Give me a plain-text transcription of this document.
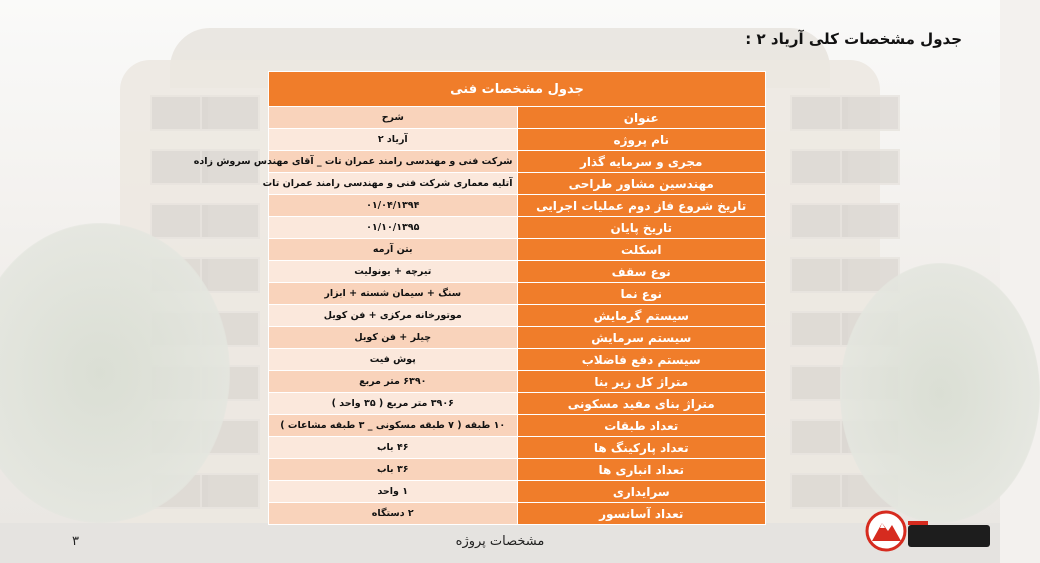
جدول مشخصات کلی آریاد ۲ :
جدول مشخصات فنی	
عنوان	شرح
نام پروژه	آریاد ۲
مجری و سرمایه گذار	شرکت فنی و مهندسی رامند عمران تات _ آقای مهندس سروش زاده
مهندسین مشاور طراحی	آتلیه معماری شرکت فنی و مهندسی رامند عمران تات
تاریخ شروع فاز دوم عملیات اجرایی	۰۱/۰۴/۱۳۹۴
تاریخ پایان	۰۱/۱۰/۱۳۹۵
اسکلت	بتن آرمه
نوع سقف	تیرچه + یونولیت
نوع نما	سنگ + سیمان شسته + ابزار
سیستم گرمایش	موتورخانه مرکزی + فن کویل
سیستم سرمایش	چیلر + فن کویل
سیستم دفع فاضلاب	پوش فیت
متراژ کل زیر بنا	۶۳۹۰ متر مربع
متراژ بنای مفید مسکونی	۳۹۰۶ متر مربع ( ۳۵ واحد )
تعداد طبقات	۱۰ طبقه ( ۷ طبقه مسکونی _ ۳ طبقه مشاعات )
تعداد پارکینگ ها	۴۶ باب
تعداد انباری ها	۳۶ باب
سرایداری	۱ واحد
تعداد آسانسور	۲ دستگاه
مشخصات پروژه
۳
